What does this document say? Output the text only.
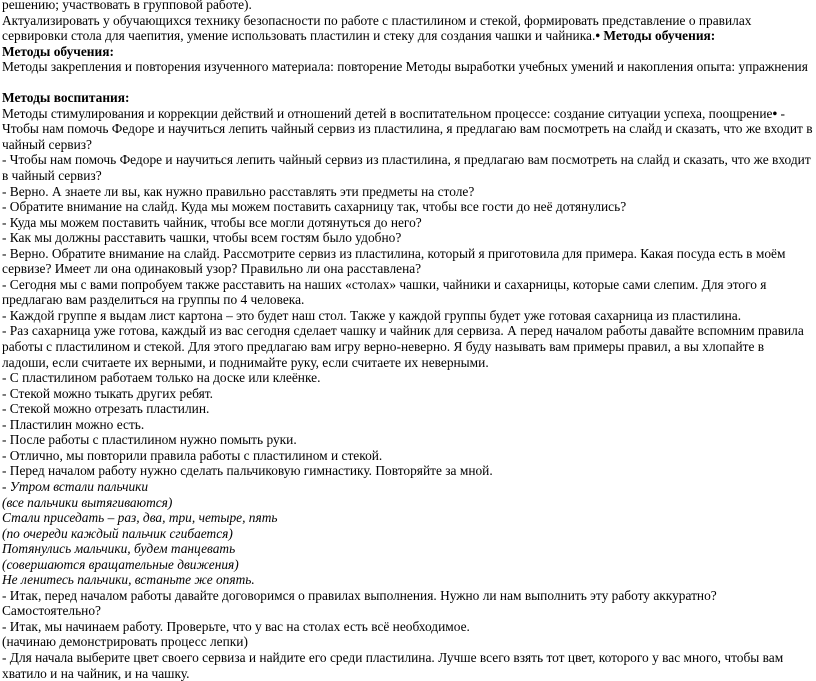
решению; участвовать в групповой работе).

Актуализировать у обучающихся технику безопасности по работе с пластилином и стекой, формировать представление о правилах сервировки стола для чаепития, умение использовать пластилин и стеку для создания чашки и чайника.• Методы обучения:

Методы обучения:

Методы закрепления и повторения изученного материала: повторение Методы выработки учебных умений и накопления опыта: упражнения

Методы воспитания:

Методы стимулирования и коррекции действий и отношений детей в воспитательном процессе: создание ситуации успеха, поощрение• - Чтобы нам помочь Федоре и научиться лепить чайный сервиз из пластилина, я предлагаю вам посмотреть на слайд и сказать, что же входит в чайный сервиз?

- Чтобы нам помочь Федоре и научиться лепить чайный сервиз из пластилина, я предлагаю вам посмотреть на слайд и сказать, что же входит в чайный сервиз?

- Верно. А знаете ли вы, как нужно правильно расставлять эти предметы на столе?

- Обратите внимание на слайд. Куда мы можем поставить сахарницу так, чтобы все гости до неё дотянулись?

- Куда мы можем поставить чайник, чтобы все могли дотянуться до него?

- Как мы должны расставить чашки, чтобы всем гостям было удобно?

- Верно. Обратите внимание на слайд. Рассмотрите сервиз из пластилина, который я приготовила для примера. Какая посуда есть в моём сервизе? Имеет ли она одинаковый узор? Правильно ли она расставлена?

- Сегодня мы с вами попробуем также расставить на наших «столах» чашки, чайники и сахарницы, которые сами слепим. Для этого я предлагаю вам разделиться на группы по 4 человека.

- Каждой группе я выдам лист картона – это будет наш стол. Также у каждой группы будет уже готовая сахарница из пластилина.

- Раз сахарница уже готова, каждый из вас сегодня сделает чашку и чайник для сервиза. А перед началом работы давайте вспомним правила работы с пластилином и стекой. Для этого предлагаю вам игру верно-неверно. Я буду называть вам примеры правил, а вы хлопайте в ладоши, если считаете их верными, и поднимайте руку, если считаете их неверными.

- С пластилином работаем только на доске или клеёнке.

- Стекой можно тыкать других ребят.

- Стекой можно отрезать пластилин.

- Пластилин можно есть.

- После работы с пластилином нужно помыть руки.

- Отлично, мы повторили правила работы с пластилином и стекой.

- Перед началом работу нужно сделать пальчиковую гимнастику. Повторяйте за мной.

- Утром встали пальчики

(все пальчики вытягиваются)

Стали приседать – раз, два, три, четыре, пять

(по очереди каждый пальчик сгибается)

Потянулись мальчики, будем танцевать

(совершаются вращательные движения)

Не ленитесь пальчики, встаньте же опять.

- Итак, перед началом работы давайте договоримся о правилах выполнения. Нужно ли нам выполнить эту работу аккуратно? Самостоятельно?

- Итак, мы начинаем работу. Проверьте, что у вас на столах есть всё необходимое.

(начинаю демонстрировать процесс лепки)

- Для начала выберите цвет своего сервиза и найдите его среди пластилина. Лучше всего взять тот цвет, которого у вас много, чтобы вам хватило и на чайник, и на чашку.
